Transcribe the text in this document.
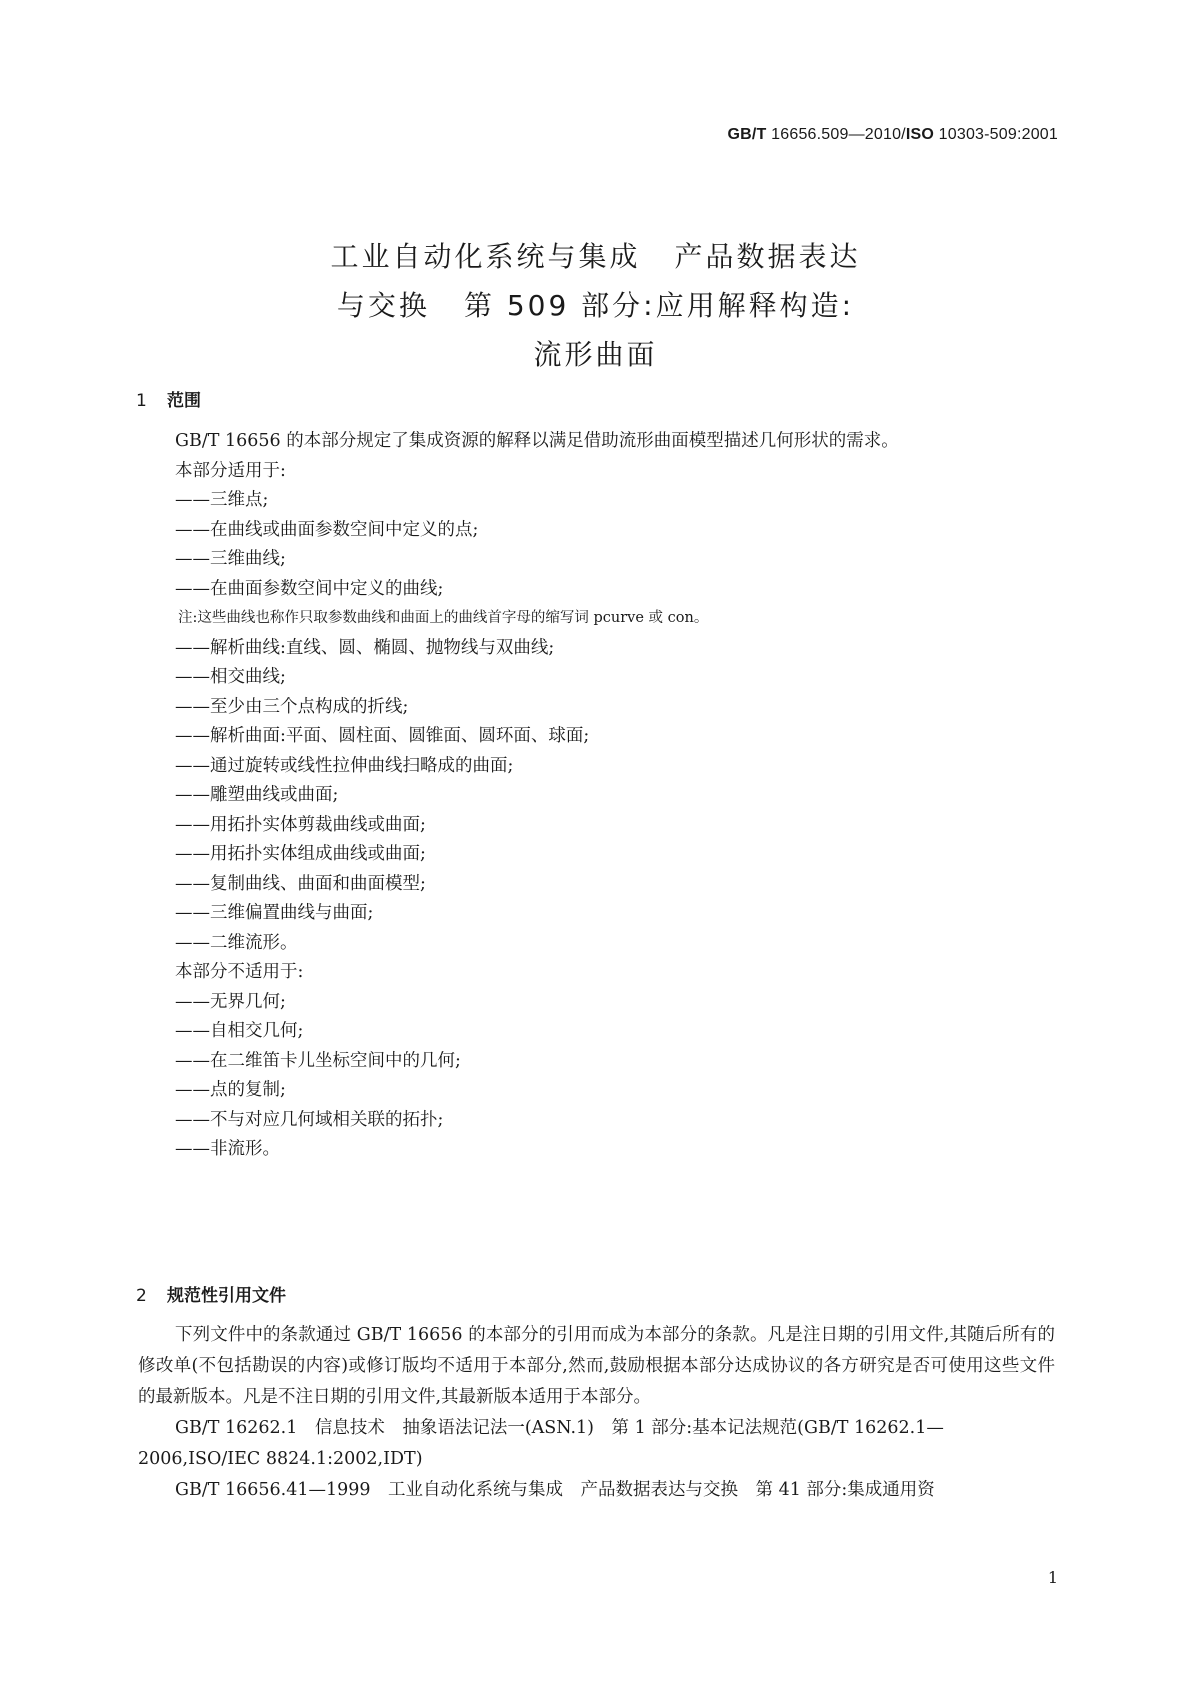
GB/T 16656.509—2010/ISO 10303-509:2001
工业自动化系统与集成 产品数据表达
与交换 第 509 部分:应用解释构造:
流形曲面
1 范围
GB/T 16656 的本部分规定了集成资源的解释以满足借助流形曲面模型描述几何形状的需求。
本部分适用于:
——三维点;
——在曲线或曲面参数空间中定义的点;
——三维曲线;
——在曲面参数空间中定义的曲线;
注:这些曲线也称作只取参数曲线和曲面上的曲线首字母的缩写词 pcurve 或 con。
——解析曲线:直线、圆、椭圆、抛物线与双曲线;
——相交曲线;
——至少由三个点构成的折线;
——解析曲面:平面、圆柱面、圆锥面、圆环面、球面;
——通过旋转或线性拉伸曲线扫略成的曲面;
——雕塑曲线或曲面;
——用拓扑实体剪裁曲线或曲面;
——用拓扑实体组成曲线或曲面;
——复制曲线、曲面和曲面模型;
——三维偏置曲线与曲面;
——二维流形。
本部分不适用于:
——无界几何;
——自相交几何;
——在二维笛卡儿坐标空间中的几何;
——点的复制;
——不与对应几何域相关联的拓扑;
——非流形。
2 规范性引用文件

下列文件中的条款通过 GB/T 16656 的本部分的引用而成为本部分的条款。凡是注日期的引用文件,其随后所有的修改单(不包括勘误的内容)或修订版均不适用于本部分,然而,鼓励根据本部分达成协议的各方研究是否可使用这些文件的最新版本。凡是不注日期的引用文件,其最新版本适用于本部分。

GB/T 16262.1　信息技术　抽象语法记法一(ASN.1)　第 1 部分:基本记法规范(GB/T 16262.1—

2006,ISO/IEC 8824.1:2002,IDT)

GB/T 16656.41—1999　工业自动化系统与集成　产品数据表达与交换　第 41 部分:集成通用资

1
